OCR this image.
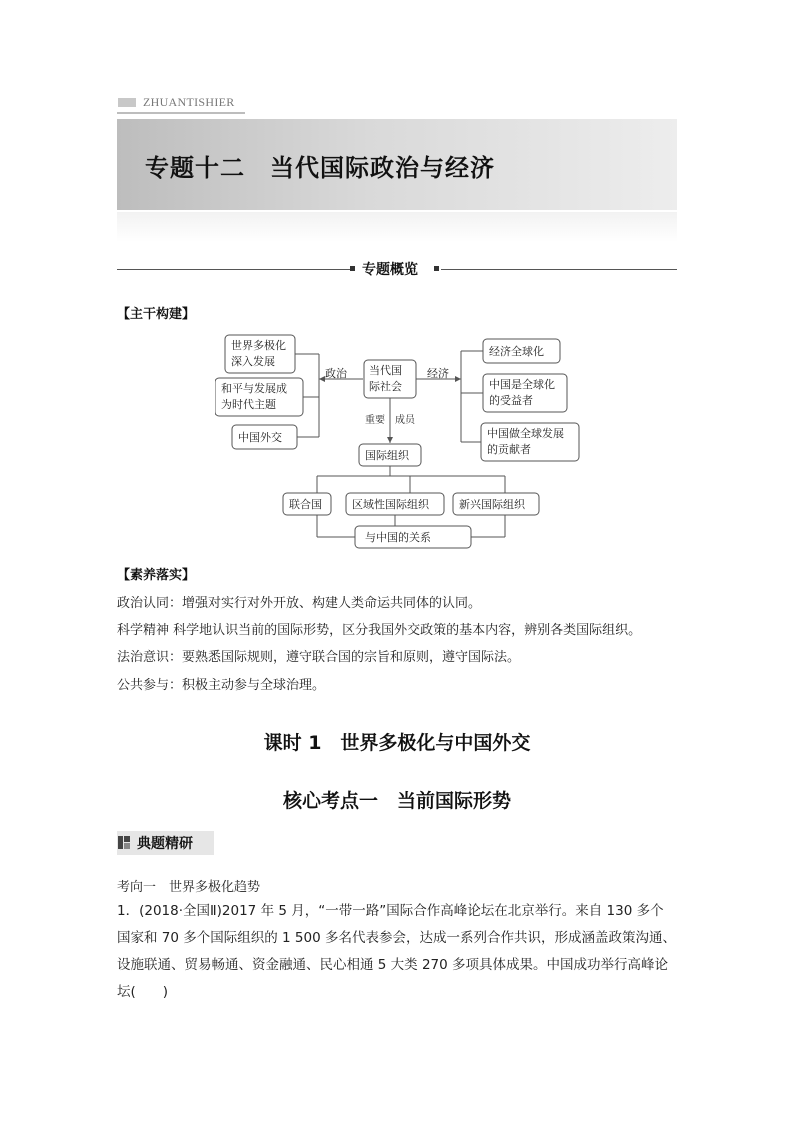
ZHUANTISHIER
专题十二　当代国际政治与经济
专题概览
【主干构建】
世界多极化
深入发展
和平与发展成
为时代主题
中国外交
政治 当代国
际社会
经济
经济全球化
中国是全球化
的受益者
中国做全球发展
的贡献者
重要 成员
国际组织
联合国	区域性国际组织	新兴国际组织
与中国的关系
【素养落实】
政治认同：增强对实行对外开放、构建人类命运共同体的认同。
科学精神 科学地认识当前的国际形势，区分我国外交政策的基本内容，辨别各类国际组织。
法治意识：要熟悉国际规则，遵守联合国的宗旨和原则，遵守国际法。
公共参与：积极主动参与全球治理。
课时 1　世界多极化与中国外交
核心考点一　当前国际形势
典题精研
考向一　世界多极化趋势
1．(2018·全国Ⅱ)2017 年 5 月，“一带一路”国际合作高峰论坛在北京举行。来自 130 多个
国家和 70 多个国际组织的 1 500 多名代表参会，达成一系列合作共识，形成涵盖政策沟通、
设施联通、贸易畅通、资金融通、民心相通 5 大类 270 多项具体成果。中国成功举行高峰论
坛(　　)
